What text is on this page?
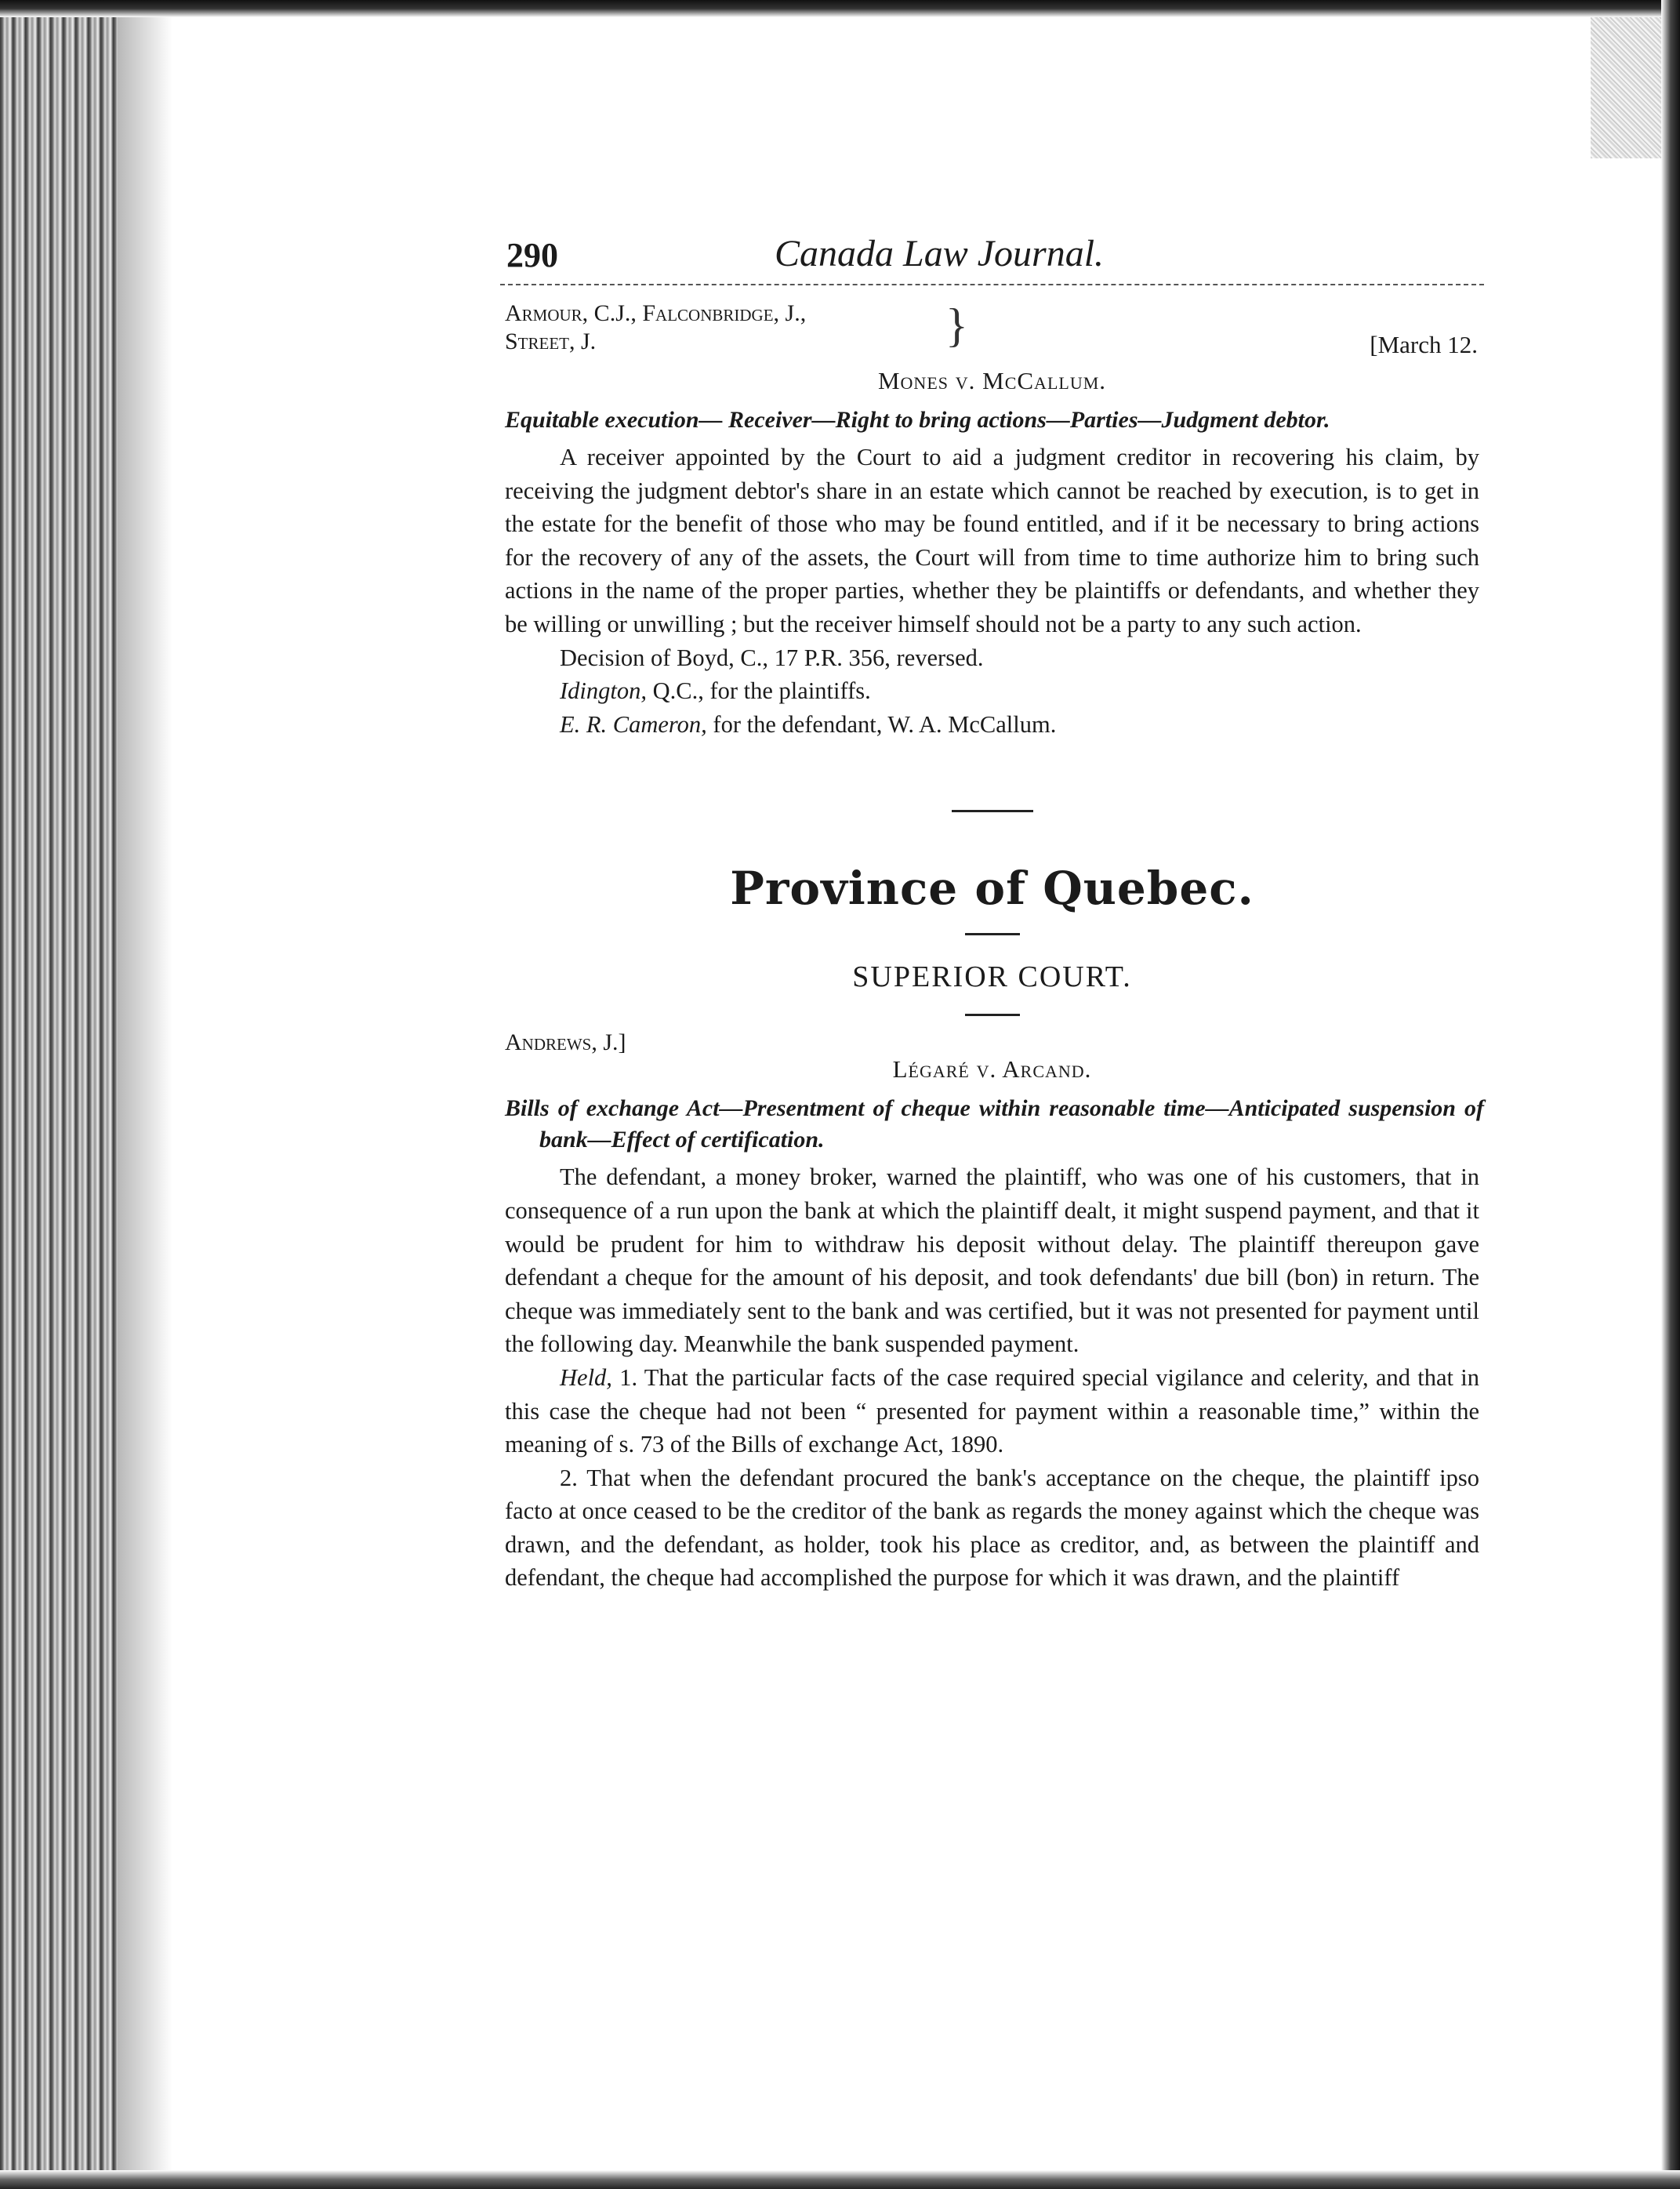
290	Canada Law Journal.
Armour, C.J., Falconbridge, J.,
Street, J.	}	[March 12.
Mones v. McCallum.

Equitable execution— Receiver—Right to bring actions—Parties—Judgment debtor.

A receiver appointed by the Court to aid a judgment creditor in recovering his claim, by receiving the judgment debtor's share in an estate which cannot be reached by execution, is to get in the estate for the benefit of those who may be found entitled, and if it be necessary to bring actions for the recovery of any of the assets, the Court will from time to time authorize him to bring such actions in the name of the proper parties, whether they be plaintiffs or defendants, and whether they be willing or unwilling ; but the receiver himself should not be a party to any such action.

Decision of Boyd, C., 17 P.R. 356, reversed.

Idington, Q.C., for the plaintiffs.

E. R. Cameron, for the defendant, W. A. McCallum.

Province of Quebec.
SUPERIOR COURT.
Andrews, J.]
Légaré v. Arcand.

Bills of exchange Act—Presentment of cheque within reasonable time—Anticipated suspension of bank—Effect of certification.

The defendant, a money broker, warned the plaintiff, who was one of his customers, that in consequence of a run upon the bank at which the plaintiff dealt, it might suspend payment, and that it would be prudent for him to withdraw his deposit without delay. The plaintiff thereupon gave defendant a cheque for the amount of his deposit, and took defendants' due bill (bon) in return. The cheque was immediately sent to the bank and was certified, but it was not presented for payment until the following day. Meanwhile the bank suspended payment.

Held, 1. That the particular facts of the case required special vigilance and celerity, and that in this case the cheque had not been “ presented for payment within a reasonable time,” within the meaning of s. 73 of the Bills of exchange Act, 1890.

2. That when the defendant procured the bank's acceptance on the cheque, the plaintiff ipso facto at once ceased to be the creditor of the bank as regards the money against which the cheque was drawn, and the defendant, as holder, took his place as creditor, and, as between the plaintiff and defendant, the cheque had accomplished the purpose for which it was drawn, and the plaintiff
